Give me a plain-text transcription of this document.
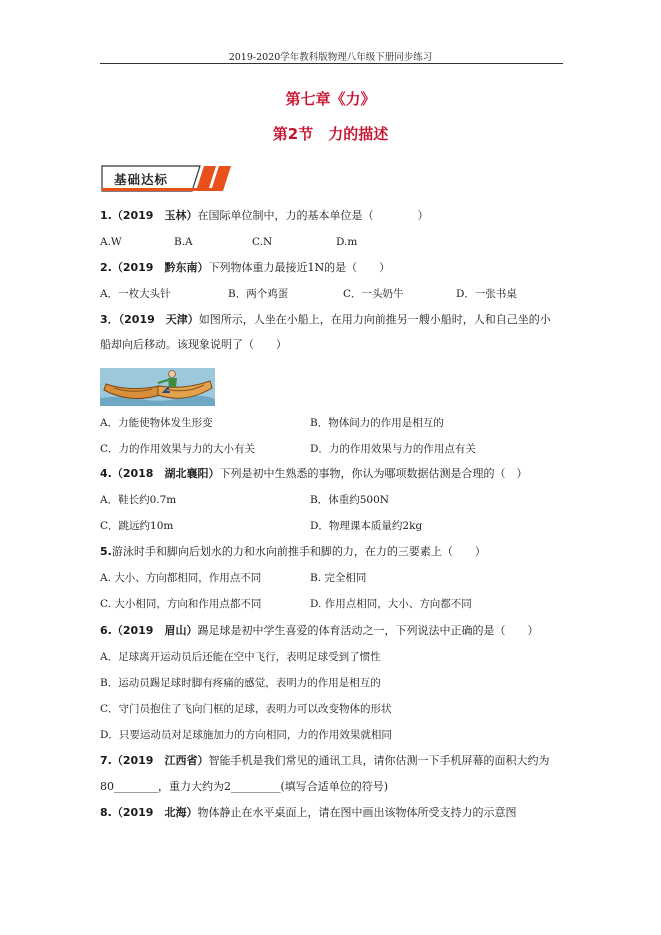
2019-2020学年教科版物理八年级下册同步练习
第七章《力》
第2节　力的描述
基础达标
1.（2019　玉林）在国际单位制中，力的基本单位是（　　　　）
A.W	B.A	C.N	D.m
2.（2019　黔东南）下列物体重力最接近1N的是（　　）
A．一枚大头针	B．两个鸡蛋	C．一头奶牛	D．一张书桌
3．（2019　天津）如图所示，人坐在小船上，在用力向前推另一艘小船时，人和自己坐的小
船却向后移动。该现象说明了（　　）
A．力能使物体发生形变	B．物体间力的作用是相互的
C．力的作用效果与力的大小有关	D．力的作用效果与力的作用点有关
4.（2018　湖北襄阳）下列是初中生熟悉的事物，你认为哪项数据估测是合理的（　）
A．鞋长约0.7m	B．体重约500N
C．跳远约10m	D．物理课本质量约2kg
5.游泳时手和脚向后划水的力和水向前推手和脚的力，在力的三要素上（　　）
A. 大小、方向都相同，作用点不同	B. 完全相同
C. 大小相同，方向和作用点都不同	D. 作用点相同，大小、方向都不同
6.（2019　眉山）踢足球是初中学生喜爱的体育活动之一，下列说法中正确的是（　　）
A．足球离开运动员后还能在空中飞行，表明足球受到了惯性
B．运动员踢足球时脚有疼痛的感觉，表明力的作用是相互的
C．守门员抱住了飞向门框的足球，表明力可以改变物体的形状
D．只要运动员对足球施加力的方向相同，力的作用效果就相同
7.（2019　江西省）智能手机是我们常见的通讯工具，请你估测一下手机屏幕的面积大约为
80________，重力大约为2_________(填写合适单位的符号)
8.（2019　北海）物体静止在水平桌面上，请在图中画出该物体所受支持力的示意图
